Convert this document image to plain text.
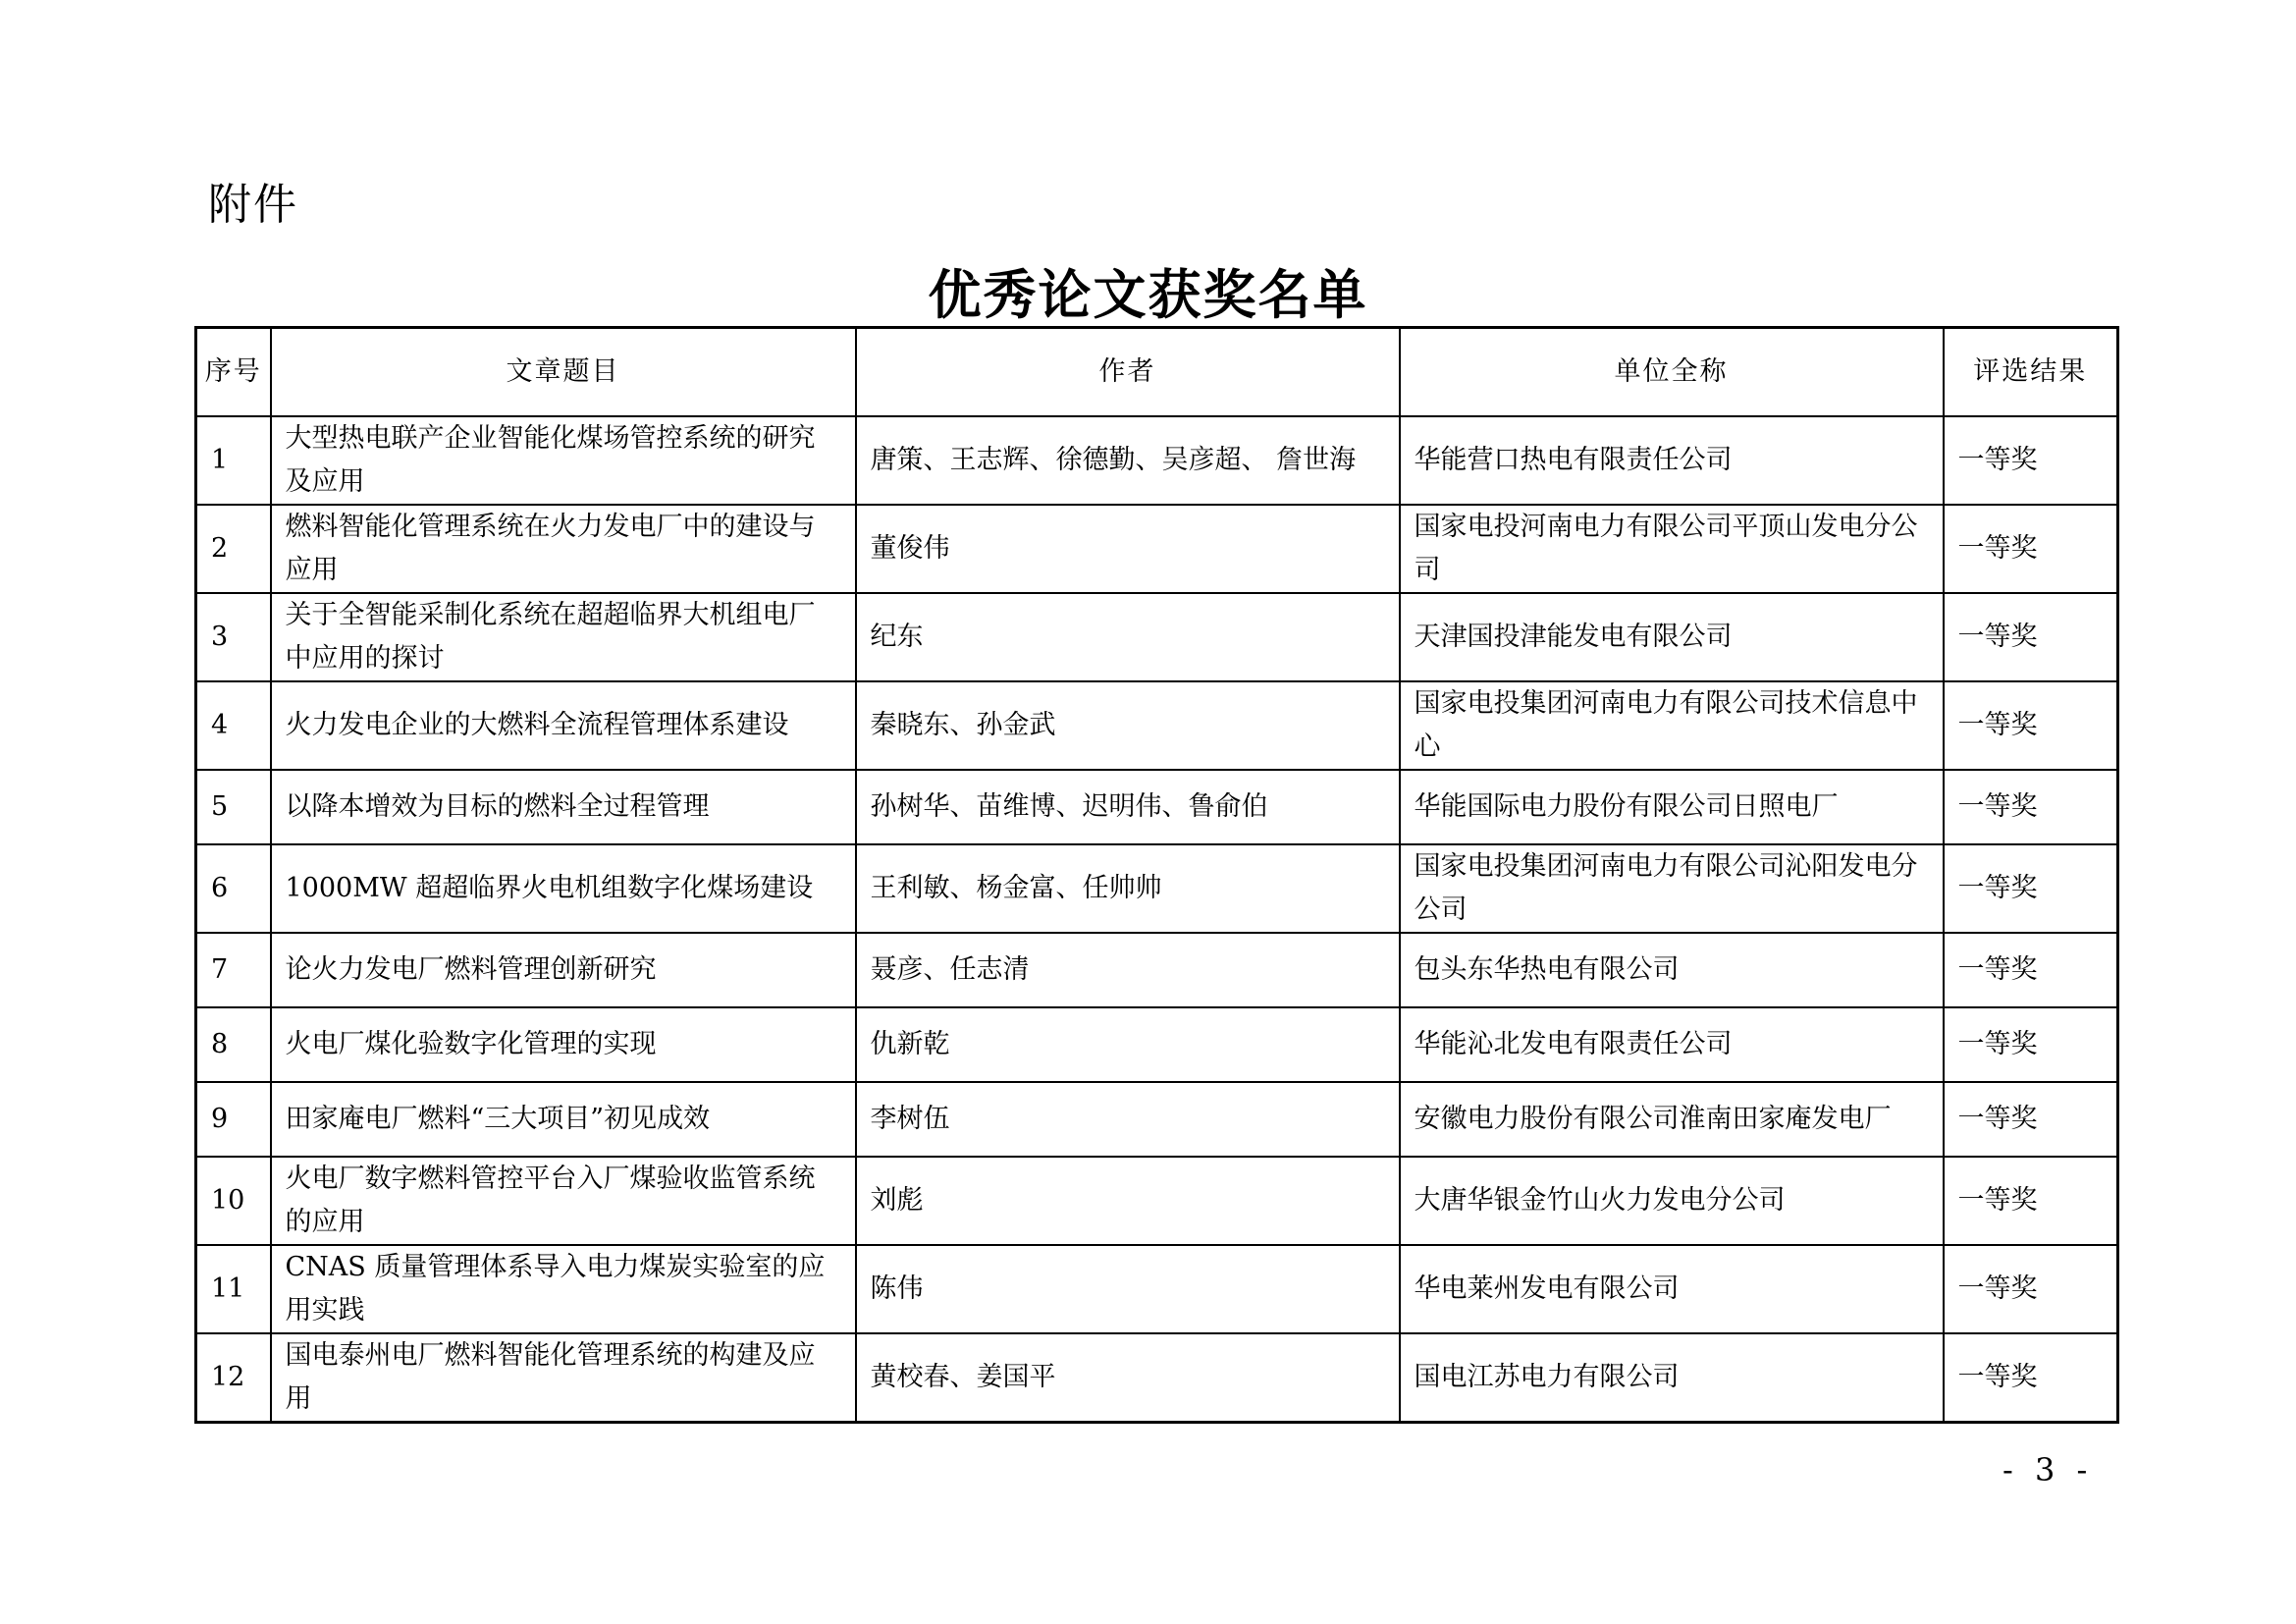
附件
优秀论文获奖名单
序号	文章题目	作者	单位全称	评选结果
1	大型热电联产企业智能化煤场管控系统的研究及应用	唐策、王志辉、徐德勤、吴彦超、 詹世海	华能营口热电有限责任公司	一等奖
2	燃料智能化管理系统在火力发电厂中的建设与应用	董俊伟	国家电投河南电力有限公司平顶山发电分公司	一等奖
3	关于全智能采制化系统在超超临界大机组电厂中应用的探讨	纪东	天津国投津能发电有限公司	一等奖
4	火力发电企业的大燃料全流程管理体系建设	秦晓东、孙金武	国家电投集团河南电力有限公司技术信息中心	一等奖
5	以降本增效为目标的燃料全过程管理	孙树华、苗维博、迟明伟、鲁俞伯	华能国际电力股份有限公司日照电厂	一等奖
6	1000MW 超超临界火电机组数字化煤场建设	王利敏、杨金富、任帅帅	国家电投集团河南电力有限公司沁阳发电分公司	一等奖
7	论火力发电厂燃料管理创新研究	聂彦、任志清	包头东华热电有限公司	一等奖
8	火电厂煤化验数字化管理的实现	仇新乾	华能沁北发电有限责任公司	一等奖
9	田家庵电厂燃料“三大项目”初见成效	李树伍	安徽电力股份有限公司淮南田家庵发电厂	一等奖
10	火电厂数字燃料管控平台入厂煤验收监管系统的应用	刘彪	大唐华银金竹山火力发电分公司	一等奖
11	CNAS 质量管理体系导入电力煤炭实验室的应用实践	陈伟	华电莱州发电有限公司	一等奖
12	国电泰州电厂燃料智能化管理系统的构建及应用	黄校春、姜国平	国电江苏电力有限公司	一等奖
- 3 -
